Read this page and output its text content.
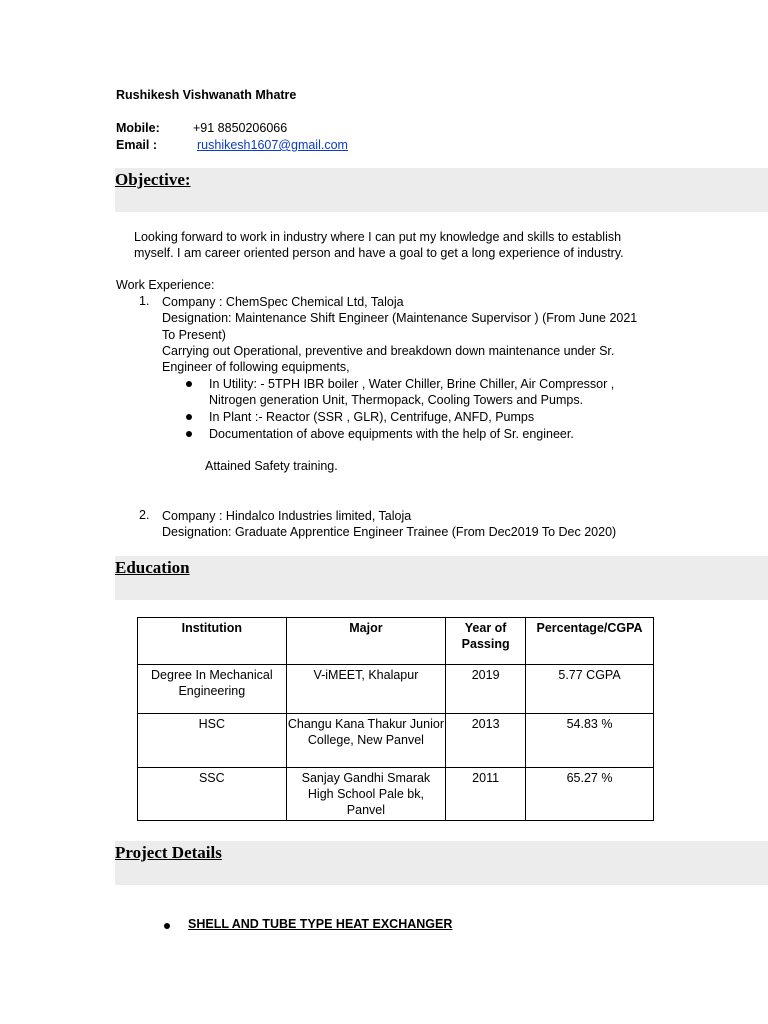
Rushikesh Vishwanath Mhatre
Mobile:	+91 8850206066
Email :	rushikesh1607@gmail.com
Objective:
Looking forward to work in industry where I can put my knowledge and skills to establish myself. I am career oriented person and have a goal to get a long experience of industry.
Work Experience:
1.	Company : ChemSpec Chemical Ltd, Taloja
Designation: Maintenance Shift Engineer (Maintenance Supervisor ) (From June 2021 To Present)
Carrying out Operational, preventive and breakdown down maintenance under Sr. Engineer of following equipments,
In Utility: - 5TPH IBR boiler , Water Chiller, Brine Chiller, Air Compressor , Nitrogen generation Unit, Thermopack, Cooling Towers and Pumps.
In Plant :- Reactor (SSR , GLR), Centrifuge, ANFD, Pumps
Documentation of above equipments with the help of Sr. engineer.
Attained Safety training.
2.	Company : Hindalco Industries limited, Taloja
Designation: Graduate Apprentice Engineer Trainee (From Dec2019 To Dec 2020)
Education
Institution	Major	Year of Passing	Percentage/CGPA
Degree In Mechanical Engineering	V-iMEET, Khalapur	2019	5.77 CGPA
HSC	Changu Kana Thakur Junior College, New Panvel	2013	54.83 %
SSC	Sanjay Gandhi Smarak High School Pale bk, Panvel	2011	65.27 %
Project Details
SHELL AND TUBE TYPE HEAT EXCHANGER
